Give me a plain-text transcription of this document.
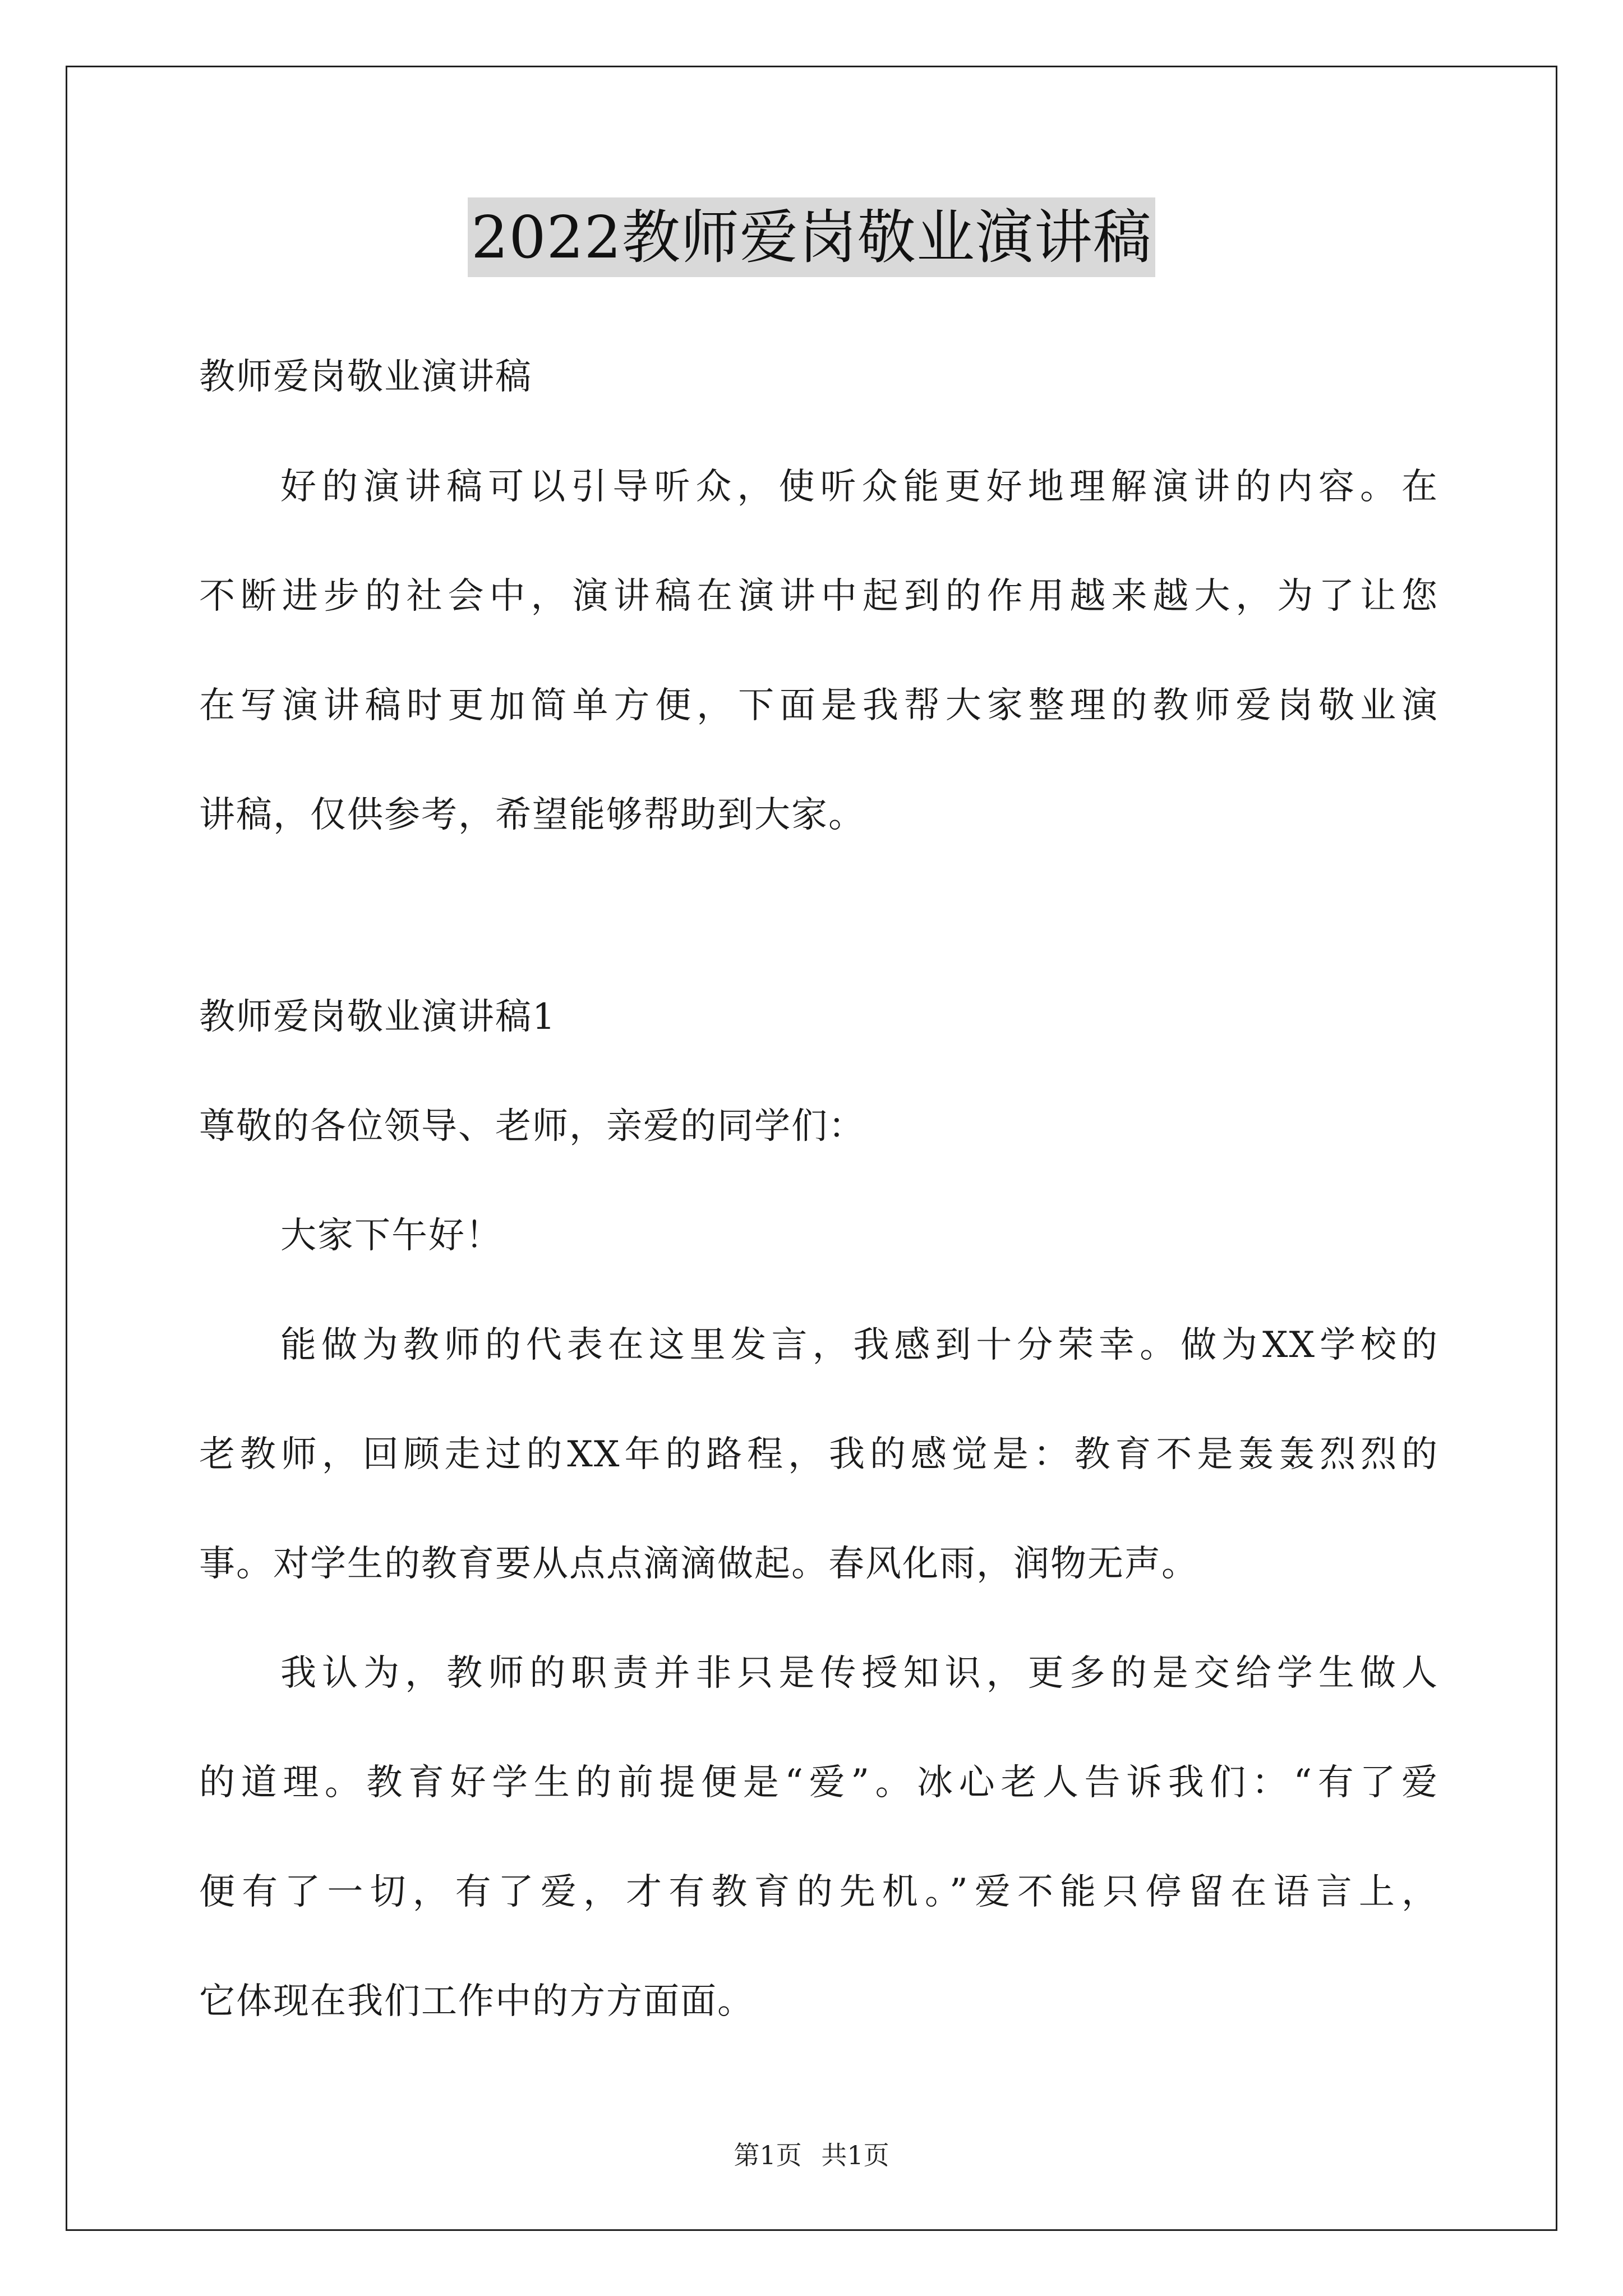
2022教师爱岗敬业演讲稿
教师爱岗敬业演讲稿
好的演讲稿可以引导听众，使听众能更好地理解演讲的内容。在
不断进步的社会中，演讲稿在演讲中起到的作用越来越大，为了让您
在写演讲稿时更加简单方便，下面是我帮大家整理的教师爱岗敬业演
讲稿，仅供参考，希望能够帮助到大家。
教师爱岗敬业演讲稿1
尊敬的各位领导、老师，亲爱的同学们：
大家下午好！
能做为教师的代表在这里发言，我感到十分荣幸。做为XX学校的
老教师，回顾走过的XX年的路程，我的感觉是：教育不是轰轰烈烈的
事。对学生的教育要从点点滴滴做起。春风化雨，润物无声。
我认为，教师的职责并非只是传授知识，更多的是交给学生做人
的道理。教育好学生的前提便是“爱”。冰心老人告诉我们：“有了爱
便有了一切，有了爱，才有教育的先机。”爱不能只停留在语言上，
它体现在我们工作中的方方面面。
第1页 共1页
